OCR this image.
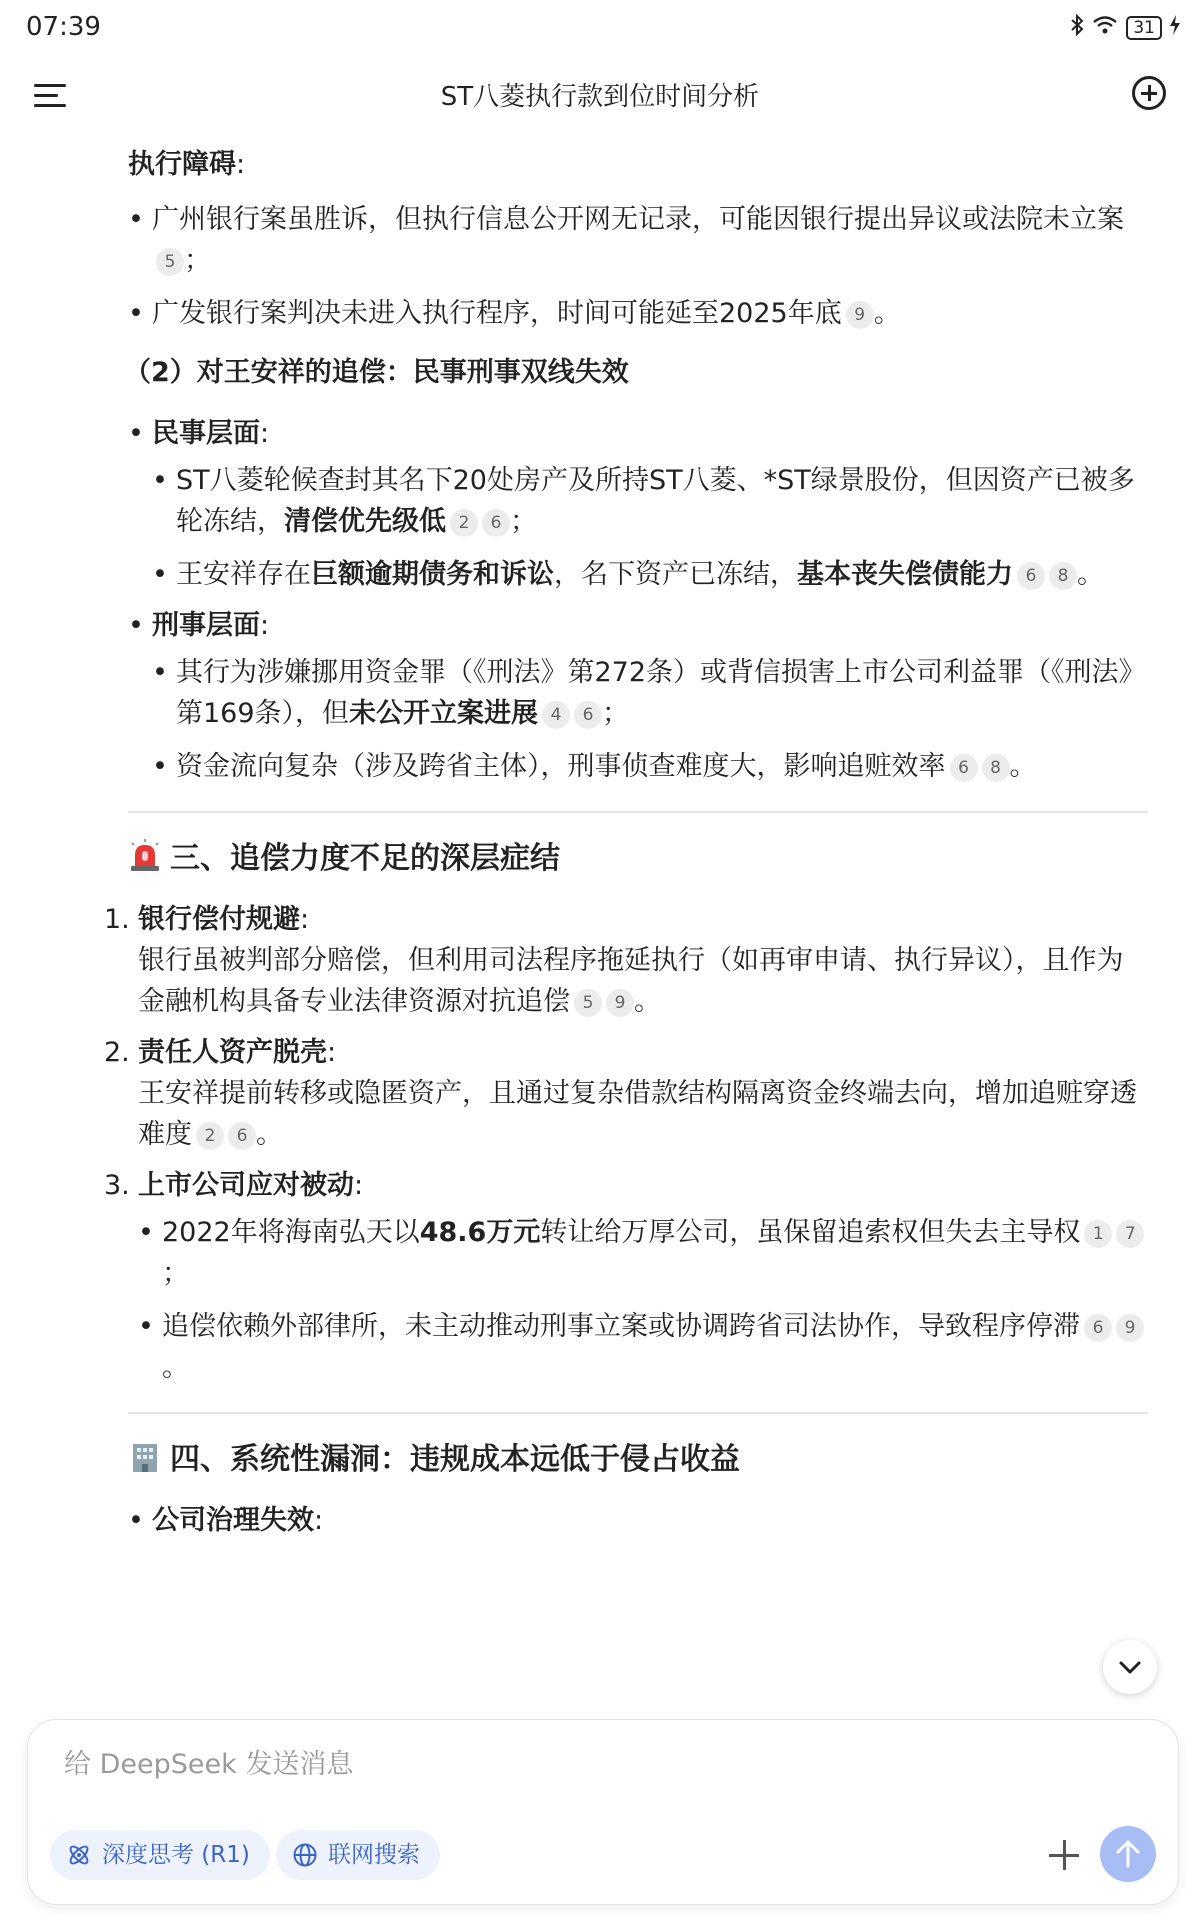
07:39	31
ST八菱执行款到位时间分析

执行障碍:

• 广州银行案虽胜诉，但执行信息公开网无记录，可能因银行提出异议或法院未立案5 ；
• 广发银行案判决未进入执行程序，时间可能延至2025年底 9 。

（2）对王安祥的追偿：民事刑事双线失效

• 民事层面:
• ST八菱轮候查封其名下20处房产及所持ST八菱、*ST绿景股份，但因资产已被多轮冻结，清偿优先级低 2 6 ；
• 王安祥存在巨额逾期债务和诉讼，名下资产已冻结，基本丧失偿债能力 6 8 。
• 刑事层面:
• 其行为涉嫌挪用资金罪（《刑法》第272条）或背信损害上市公司利益罪（《刑法》第169条），但未公开立案进展 4 6 ；
• 资金流向复杂（涉及跨省主体），刑事侦查难度大，影响追赃效率 6 8 。

三、追偿力度不足的深层症结

1. 银行偿付规避:
银行虽被判部分赔偿，但利用司法程序拖延执行（如再审申请、执行异议），且作为金融机构具备专业法律资源对抗追偿 5 9 。
2. 责任人资产脱壳:
王安祥提前转移或隐匿资产，且通过复杂借款结构隔离资金终端去向，增加追赃穿透难度 2 6 。
3. 上市公司应对被动:
• 2022年将海南弘天以48.6万元转让给万厚公司，虽保留追索权但失去主导权 1 7；
• 追偿依赖外部律所，未主动推动刑事立案或协调跨省司法协作，导致程序停滞 6 9。

四、系统性漏洞：违规成本远低于侵占收益

• 公司治理失效:
给 DeepSeek 发送消息
深度思考 (R1)	联网搜索
